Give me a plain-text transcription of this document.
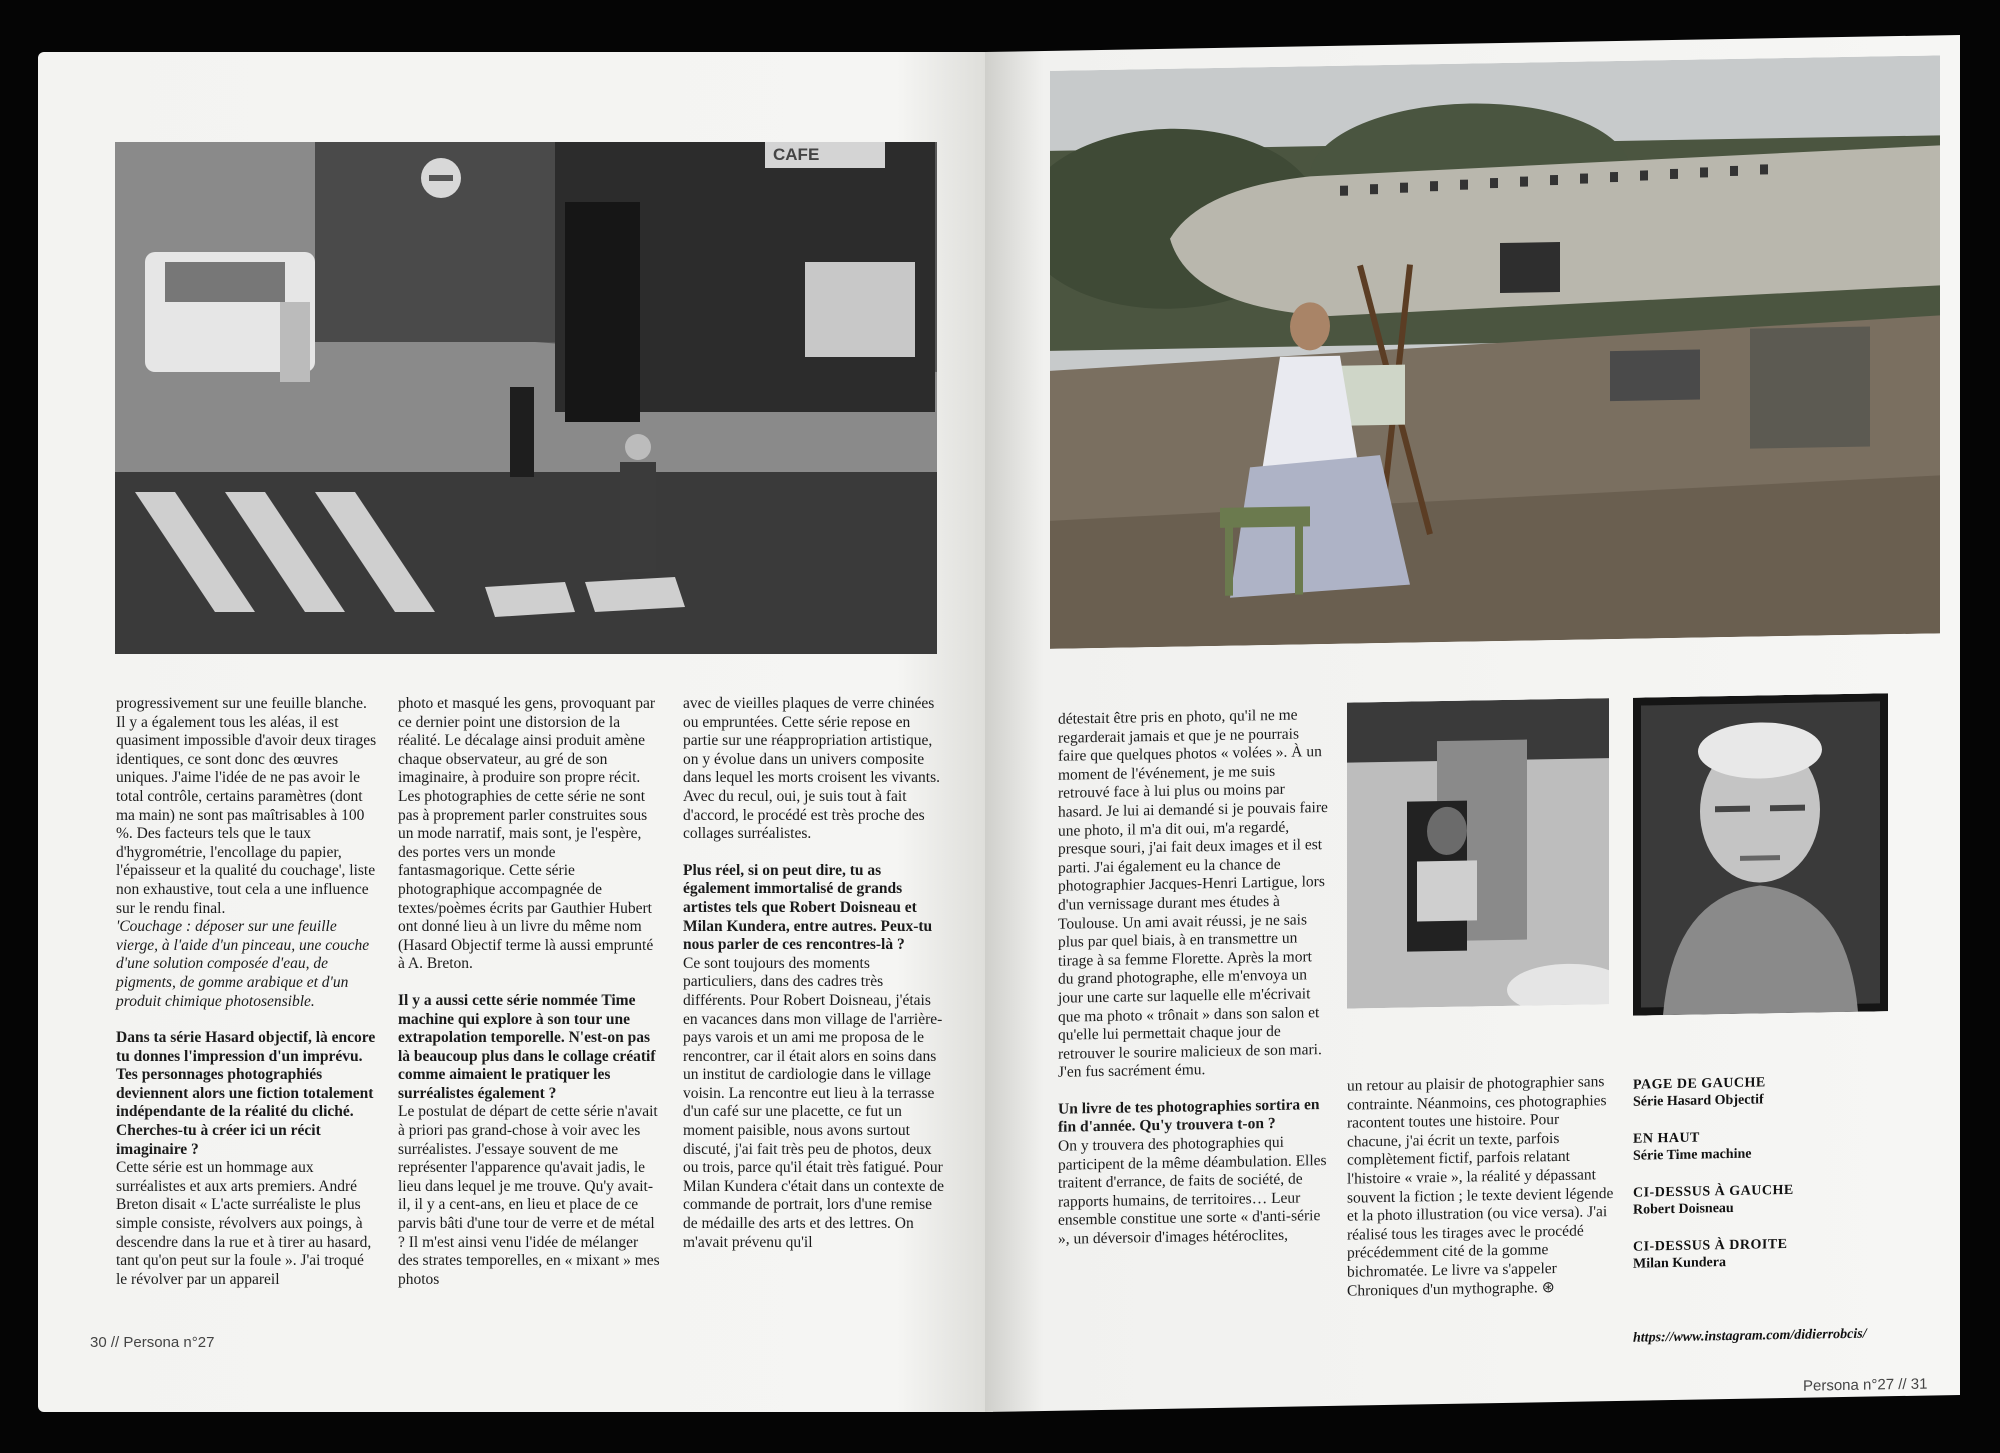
CAFE

progressivement sur une feuille blanche. Il y a également tous les aléas, il est quasiment impossible d'avoir deux tirages identiques, ce sont donc des œuvres uniques. J'aime l'idée de ne pas avoir le total contrôle, certains paramètres (dont ma main) ne sont pas maîtrisables à 100 %. Des facteurs tels que le taux d'hygrométrie, l'encollage du papier, l'épaisseur et la qualité du couchage', liste non exhaustive, tout cela a une influence sur le rendu final.

'Couchage : déposer sur une feuille vierge, à l'aide d'un pinceau, une couche d'une solution composée d'eau, de pigments, de gomme arabique et d'un produit chimique photosensible.

Dans ta série Hasard objectif, là encore tu donnes l'impression d'un imprévu. Tes personnages photographiés deviennent alors une fiction totalement indépendante de la réalité du cliché. Cherches-tu à créer ici un récit imaginaire ?

Cette série est un hommage aux surréalistes et aux arts premiers. André Breton disait « L'acte surréaliste le plus simple consiste, révolvers aux poings, à descendre dans la rue et à tirer au hasard, tant qu'on peut sur la foule ». J'ai troqué le révolver par un appareil

photo et masqué les gens, provoquant par ce dernier point une distorsion de la réalité. Le décalage ainsi produit amène chaque observateur, au gré de son imaginaire, à produire son propre récit. Les photographies de cette série ne sont pas à proprement parler construites sous un mode narratif, mais sont, je l'espère, des portes vers un monde fantasmagorique. Cette série photographique accompagnée de textes/poèmes écrits par Gauthier Hubert ont donné lieu à un livre du même nom (Hasard Objectif terme là aussi emprunté à A. Breton.

Il y a aussi cette série nommée Time machine qui explore à son tour une extrapolation temporelle. N'est-on pas là beaucoup plus dans le collage créatif comme aimaient le pratiquer les surréalistes également ?

Le postulat de départ de cette série n'avait à priori pas grand-chose à voir avec les surréalistes. J'essaye souvent de me représenter l'apparence qu'avait jadis, le lieu dans lequel je me trouve. Qu'y avait-il, il y a cent-ans, en lieu et place de ce parvis bâti d'une tour de verre et de métal ? Il m'est ainsi venu l'idée de mélanger des strates temporelles, en « mixant » mes photos

avec de vieilles plaques de verre chinées ou empruntées. Cette série repose en partie sur une réappropriation artistique, on y évolue dans un univers composite dans lequel les morts croisent les vivants. Avec du recul, oui, je suis tout à fait d'accord, le procédé est très proche des collages surréalistes.

Plus réel, si on peut dire, tu as également immortalisé de grands artistes tels que Robert Doisneau et Milan Kundera, entre autres. Peux-tu nous parler de ces rencontres-là ?

Ce sont toujours des moments particuliers, dans des cadres très différents. Pour Robert Doisneau, j'étais en vacances dans mon village de l'arrière-pays varois et un ami me proposa de le rencontrer, car il était alors en soins dans un institut de cardiologie dans le village voisin. La rencontre eut lieu à la terrasse d'un café sur une placette, ce fut un moment paisible, nous avons surtout discuté, j'ai fait très peu de photos, deux ou trois, parce qu'il était très fatigué. Pour Milan Kundera c'était dans un contexte de commande de portrait, lors d'une remise de médaille des arts et des lettres. On m'avait prévenu qu'il

30 // Persona n°27

détestait être pris en photo, qu'il ne me regarderait jamais et que je ne pourrais faire que quelques photos « volées ». À un moment de l'événement, je me suis retrouvé face à lui plus ou moins par hasard. Je lui ai demandé si je pouvais faire une photo, il m'a dit oui, m'a regardé, presque souri, j'ai fait deux images et il est parti. J'ai également eu la chance de photographier Jacques-Henri Lartigue, lors d'un vernissage durant mes études à Toulouse. Un ami avait réussi, je ne sais plus par quel biais, à en transmettre un tirage à sa femme Florette. Après la mort du grand photographe, elle m'envoya un jour une carte sur laquelle elle m'écrivait que ma photo « trônait » dans son salon et qu'elle lui permettait chaque jour de retrouver le sourire malicieux de son mari. J'en fus sacrément ému.

Un livre de tes photographies sortira en fin d'année. Qu'y trouvera t-on ?

On y trouvera des photographies qui participent de la même déambulation. Elles traitent d'errance, de faits de société, de rapports humains, de territoires… Leur ensemble constitue une sorte « d'anti-série », un déversoir d'images hétéroclites,

un retour au plaisir de photographier sans contrainte. Néanmoins, ces photographies racontent toutes une histoire. Pour chacune, j'ai écrit un texte, parfois complètement fictif, parfois relatant l'histoire « vraie », la réalité y dépassant souvent la fiction ; le texte devient légende et la photo illustration (ou vice versa). J'ai réalisé tous les tirages avec le procédé précédemment cité de la gomme bichromatée. Le livre va s'appeler Chroniques d'un mythographe. ⊛

PAGE DE GAUCHE
Série Hasard Objectif
EN HAUT
Série Time machine
CI-DESSUS À GAUCHE
Robert Doisneau
CI-DESSUS À DROITE
Milan Kundera
https://www.instagram.com/didierrobcis/
Persona n°27 // 31
